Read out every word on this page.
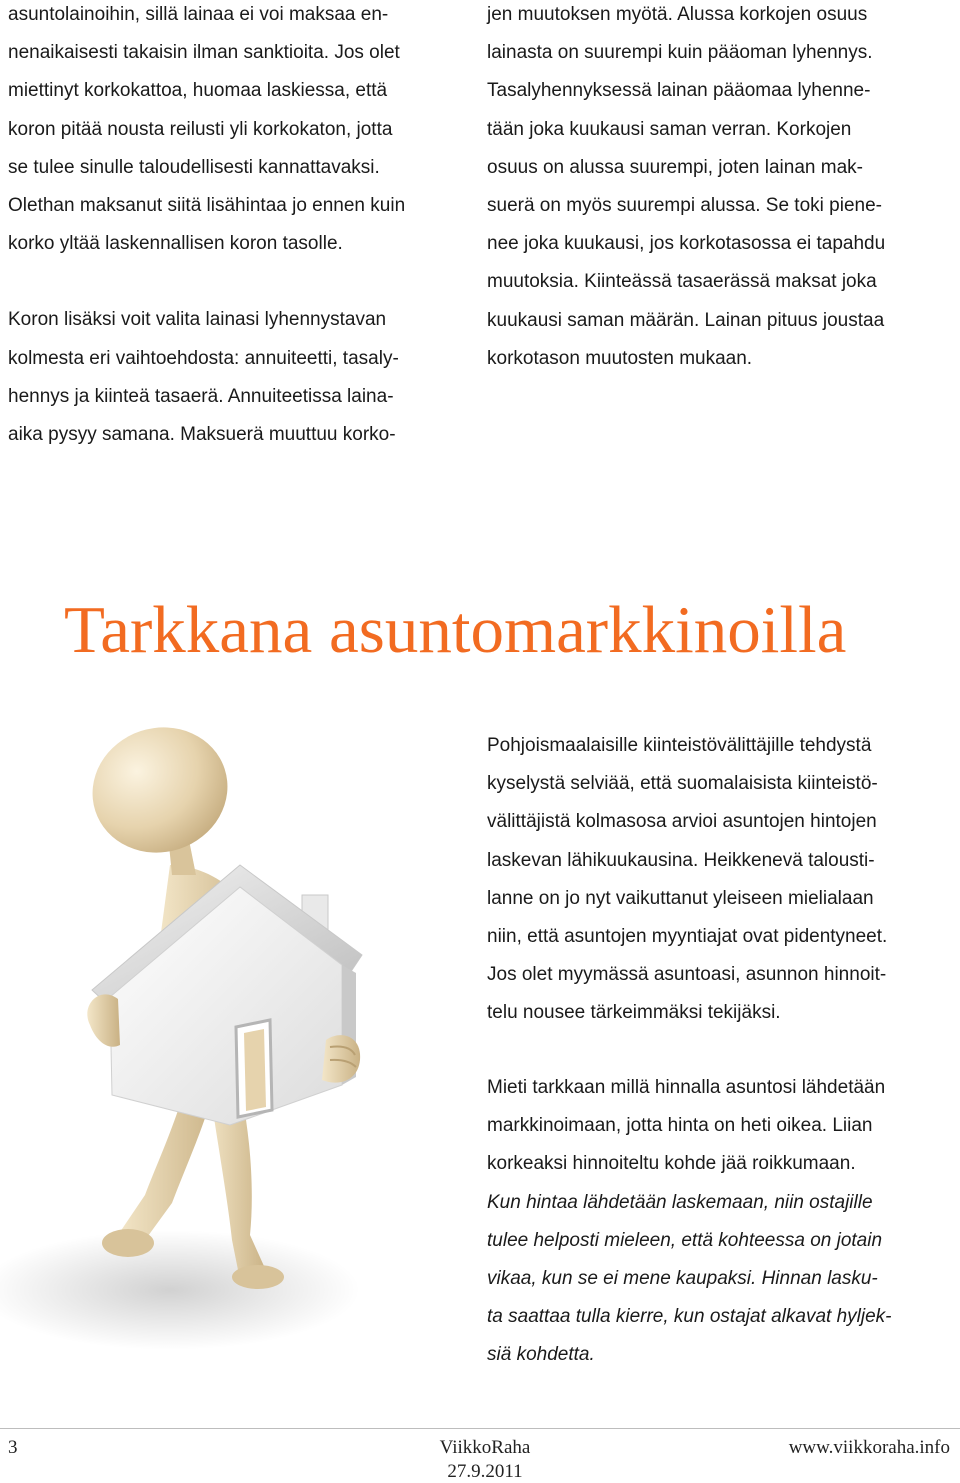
asuntolainoihin, sillä lainaa ei voi maksaa en-

nenaikaisesti takaisin ilman sanktioita. Jos olet

miettinyt korkokattoa, huomaa laskiessa, että

koron pitää nousta reilusti yli korkokaton, jotta

se tulee sinulle taloudellisesti kannattavaksi.

Olethan maksanut siitä lisähintaa jo ennen kuin

korko yltää laskennallisen koron tasolle.

Koron lisäksi voit valita lainasi lyhennystavan

kolmesta eri vaihtoehdosta: annuiteetti, tasaly-

hennys ja kiinteä tasaerä. Annuiteetissa laina-

aika pysyy samana. Maksuerä muuttuu korko-

jen muutoksen myötä. Alussa korkojen osuus

lainasta on suurempi kuin pääoman lyhennys.

Tasalyhennyksessä lainan pääomaa lyhenne-

tään joka kuukausi saman verran. Korkojen

osuus on alussa suurempi, joten lainan mak-

suerä on myös suurempi alussa. Se toki piene-

nee joka kuukausi, jos korkotasossa ei tapahdu

muutoksia. Kiinteässä tasaerässä maksat joka

kuukausi saman määrän. Lainan pituus joustaa

korkotason muutosten mukaan.

Tarkkana asuntomarkkinoilla

Pohjoismaalaisille kiinteistövälittäjille tehdystä

kyselystä selviää, että suomalaisista kiinteistö-

välittäjistä kolmasosa arvioi asuntojen hintojen

laskevan lähikuukausina. Heikkenevä talousti-

lanne on jo nyt vaikuttanut yleiseen mielialaan

niin, että asuntojen myyntiajat ovat pidentyneet.

Jos olet myymässä asuntoasi, asunnon hinnoit-

telu nousee tärkeimmäksi tekijäksi.

Mieti tarkkaan millä hinnalla asuntosi lähdetään

markkinoimaan, jotta hinta on heti oikea. Liian

korkeaksi hinnoiteltu kohde jää roikkumaan.

Kun hintaa lähdetään laskemaan, niin ostajille

tulee helposti mieleen, että kohteessa on jotain

vikaa, kun se ei mene kaupaksi. Hinnan lasku-

ta saattaa tulla kierre, kun ostajat alkavat hyljek-

siä kohdetta.

3	ViikkoRaha
27.9.2011
www.viikkoraha.info
